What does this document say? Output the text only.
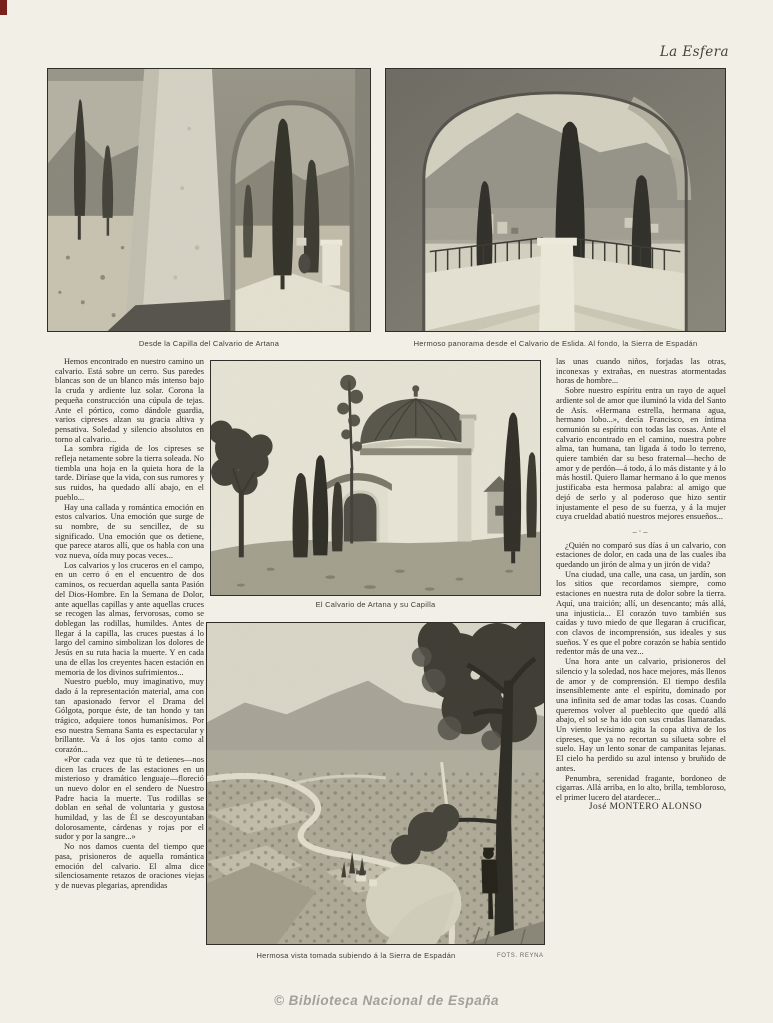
La Esfera
Desde la Capilla del Calvario de Artana	Hermoso panorama desde el Calvario de Eslida. Al fondo, la Sierra de Espadán
El Calvario de Artana y su Capilla
Hermosa vista tomada subiendo á la Sierra de Espadán	FOTS. REYNA

Hemos encontrado en nuestro camino un calvario. Está sobre un cerro. Sus paredes blancas son de un blanco más intenso bajo la cruda y ardiente luz solar. Corona la pequeña construcción una cúpula de tejas. Ante el pórtico, como dándole guardia, varios cipreses alzan su gracia altiva y pensativa. Soledad y silencio absolutos en torno al calvario...

La sombra rígida de los cipreses se refleja netamente sobre la tierra soleada. No tiembla una hoja en la quieta hora de la tarde. Diríase que la vida, con sus rumores y sus ruidos, ha quedado allí abajo, en el pueblo...

Hay una callada y romántica emoción en estos calvarios. Una emoción que surge de su nombre, de su sencillez, de su significado. Una emoción que os detiene, que parece ataros allí, que os habla con una voz nueva, oída muy pocas veces...

Los calvarios y los cruceros en el campo, en un cerro ó en el encuentro de dos caminos, os recuerdan aquella santa Pasión del Dios-Hombre. En la Semana de Dolor, ante aquellas capillas y ante aquellas cruces se recogen las almas, fervorosas, como se doblegan las rodillas, humildes. Antes de llegar á la capilla, las cruces puestas á lo largo del camino simbolizan los dolores de Jesús en su ruta hacia la muerte. Y en cada una de ellas los creyentes hacen estación en memoria de los divinos sufrimientos...

Nuestro pueblo, muy imaginativo, muy dado á la representación material, ama con tan apasionado fervor el Drama del Gólgota, porque éste, de tan hondo y tan trágico, adquiere tonos humanísimos. Por eso nuestra Semana Santa es espectacular y brillante. Va á los ojos tanto como al corazón...

«Por cada vez que tú te detienes—nos dicen las cruces de las estaciones en un misterioso y dramático lenguaje—floreció un nuevo dolor en el sendero de Nuestro Padre hacia la muerte. Tus rodillas se doblan en señal de voluntaria y gustosa humildad, y las de Él se descoyuntaban dolorosamente, cárdenas y rojas por el sudor y por la sangre...»

No nos damos cuenta del tiempo que pasa, prisioneros de aquella romántica emoción del calvario. El alma dice silenciosamente retazos de oraciones viejas y de nuevas plegarias, aprendidas

las unas cuando niños, forjadas las otras, inconexas y extrañas, en nuestras atormentadas horas de hombre...

Sobre nuestro espíritu entra un rayo de aquel ardiente sol de amor que iluminó la vida del Santo de Asís. «Hermana estrella, hermana agua, hermano lobo...», decía Francisco, en íntima comunión su espíritu con todas las cosas. Ante el calvario encontrado en el camino, nuestra pobre alma, tan humana, tan ligada á todo lo terreno, quiere también dar su beso fraternal—hecho de amor y de perdón—á todo, á lo más distante y á lo más hostil. Quiero llamar hermano á lo que menos justificaba esta hermosa palabra: al amigo que dejó de serlo y al poderoso que hizo sentir injustamente el peso de su fuerza, y á la mujer cuya crueldad abatió nuestros mejores ensueños...

–·–

¿Quién no comparó sus días á un calvario, con estaciones de dolor, en cada una de las cuales iba quedando un jirón de alma y un jirón de vida?

Una ciudad, una calle, una casa, un jardín, son los sitios que recordamos siempre, como estaciones en nuestra ruta de dolor sobre la tierra. Aquí, una traición; allí, un desencanto; más allá, una injusticia... El corazón tuvo también sus caídas y tuvo miedo de que llegaran á crucificar, con clavos de incomprensión, sus ideales y sus sueños. Y es que el pobre corazón se había sentido redentor más de una vez...

Una hora ante un calvario, prisioneros del silencio y la soledad, nos hace mejores, más llenos de amor y de comprensión. El tiempo desfila insensiblemente ante el espíritu, dominado por una infinita sed de amar todas las cosas. Cuando queremos volver al pueblecito que quedó allá abajo, el sol se ha ido con sus crudas llamaradas. Un viento levísimo agita la copa altiva de los cipreses, que ya no recortan su silueta sobre el suelo. Hay un lento sonar de campanitas lejanas. El cielo ha perdido su azul intenso y bruñido de antes.

Penumbra, serenidad fragante, bordoneo de cigarras. Allá arriba, en lo alto, brilla, tembloroso, el primer lucero del atardecer...

José MONTERO ALONSO

© Biblioteca Nacional de España
